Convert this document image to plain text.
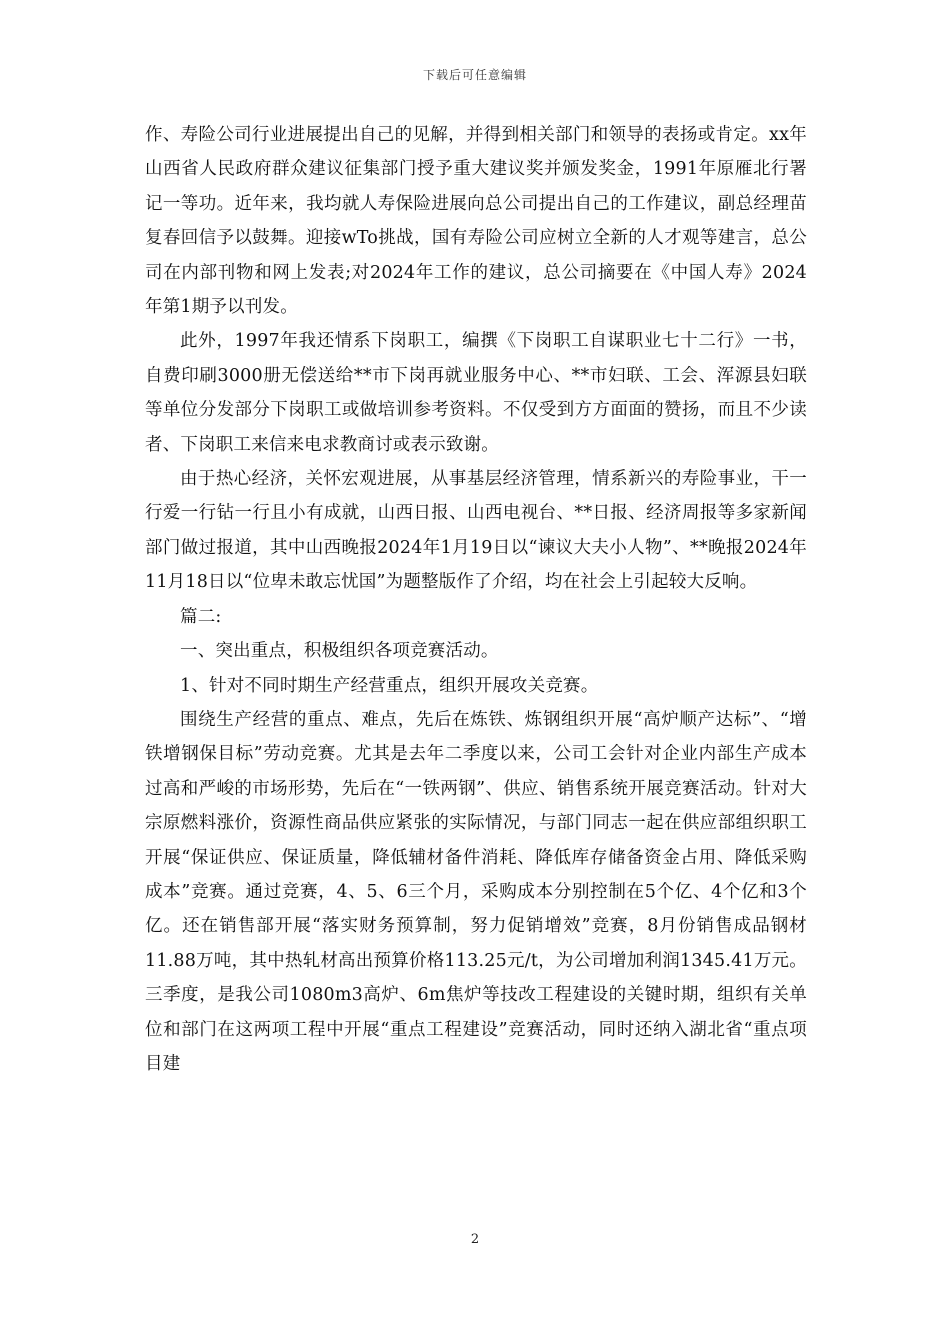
下载后可任意编辑

作、寿险公司行业进展提出自己的见解，并得到相关部门和领导的表扬或肯定。xx年山西省人民政府群众建议征集部门授予重大建议奖并颁发奖金，1991年原雁北行署记一等功。近年来，我均就人寿保险进展向总公司提出自己的工作建议，副总经理苗复春回信予以鼓舞。迎接wTo挑战，国有寿险公司应树立全新的人才观等建言，总公司在内部刊物和网上发表;对2024年工作的建议，总公司摘要在《中国人寿》2024年第1期予以刊发。

此外，1997年我还情系下岗职工，编撰《下岗职工自谋职业七十二行》一书，自费印刷3000册无偿送给**市下岗再就业服务中心、**市妇联、工会、浑源县妇联等单位分发部分下岗职工或做培训参考资料。不仅受到方方面面的赞扬，而且不少读者、下岗职工来信来电求教商讨或表示致谢。

由于热心经济，关怀宏观进展，从事基层经济管理，情系新兴的寿险事业，干一行爱一行钻一行且小有成就，山西日报、山西电视台、**日报、经济周报等多家新闻部门做过报道，其中山西晚报2024年1月19日以“谏议大夫小人物”、**晚报2024年11月18日以“位卑未敢忘忧国”为题整版作了介绍，均在社会上引起较大反响。

篇二:

一、突出重点，积极组织各项竞赛活动。

1、针对不同时期生产经营重点，组织开展攻关竞赛。

围绕生产经营的重点、难点，先后在炼铁、炼钢组织开展“高炉顺产达标”、“增铁增钢保目标”劳动竞赛。尤其是去年二季度以来，公司工会针对企业内部生产成本过高和严峻的市场形势，先后在“一铁两钢”、供应、销售系统开展竞赛活动。针对大宗原燃料涨价，资源性商品供应紧张的实际情况，与部门同志一起在供应部组织职工开展“保证供应、保证质量，降低辅材备件消耗、降低库存储备资金占用、降低采购成本”竞赛。通过竞赛，4、5、6三个月，采购成本分别控制在5个亿、4个亿和3个亿。还在销售部开展“落实财务预算制，努力促销增效”竞赛，8月份销售成品钢材11.88万吨，其中热轧材高出预算价格113.25元/t，为公司增加利润1345.41万元。三季度，是我公司1080m3高炉、6m焦炉等技改工程建设的关键时期，组织有关单位和部门在这两项工程中开展“重点工程建设”竞赛活动，同时还纳入湖北省“重点项目建

2
